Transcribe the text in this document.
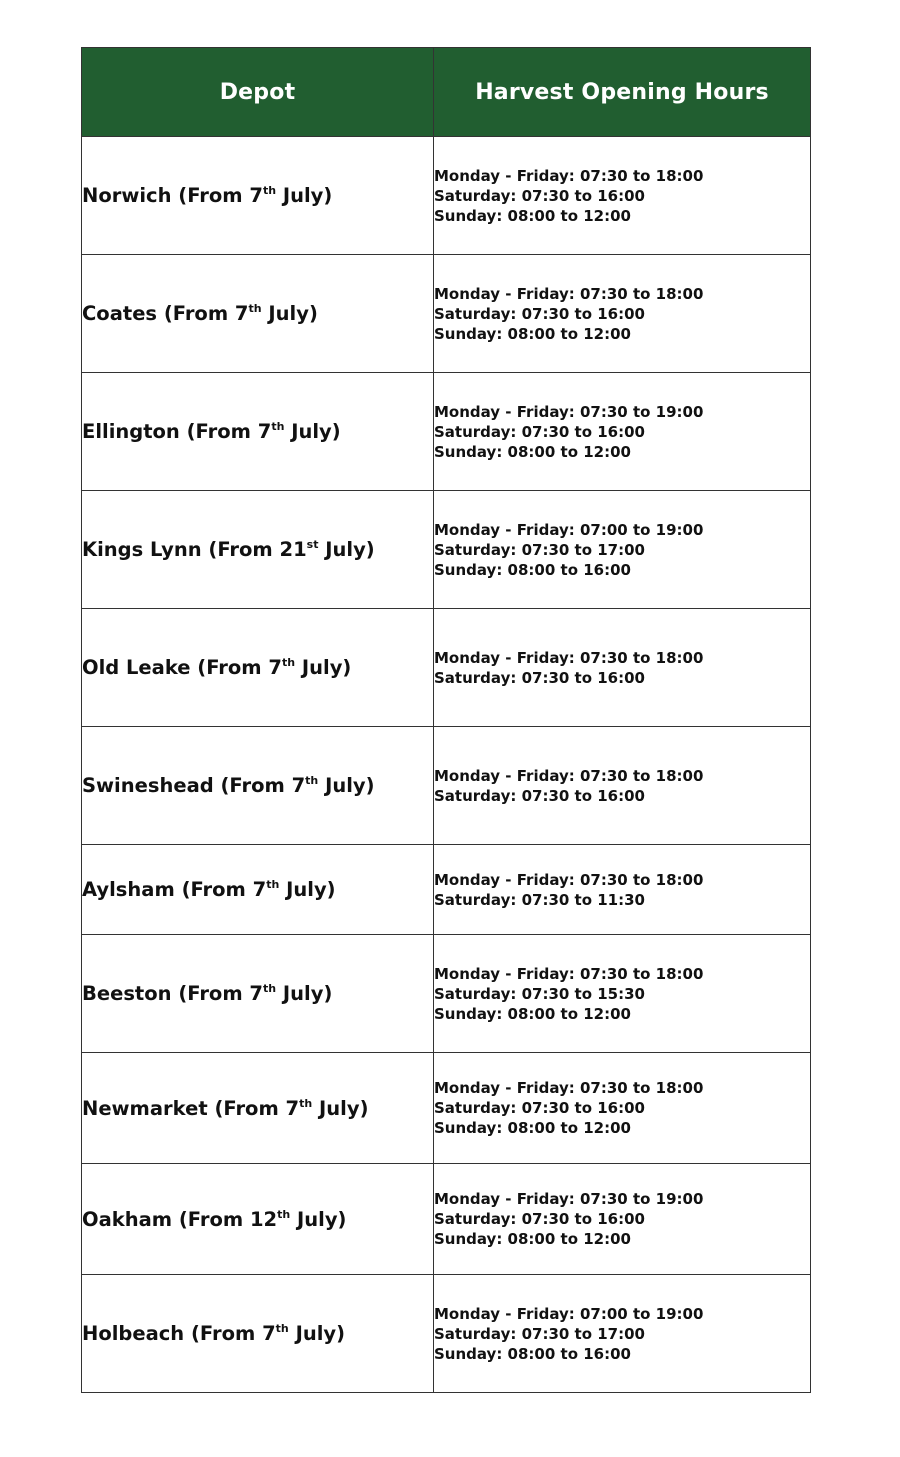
Depot	Harvest Opening Hours
Norwich (From 7th July)	Monday - Friday: 07:30 to 18:00
Saturday: 07:30 to 16:00
Sunday: 08:00 to 12:00

Coates (From 7th July)	Monday - Friday: 07:30 to 18:00
Saturday: 07:30 to 16:00
Sunday: 08:00 to 12:00

Ellington (From 7th July)	Monday - Friday: 07:30 to 19:00
Saturday: 07:30 to 16:00
Sunday: 08:00 to 12:00

Kings Lynn (From 21st July)	Monday - Friday: 07:00 to 19:00
Saturday: 07:30 to 17:00
Sunday: 08:00 to 16:00

Old Leake (From 7th July)	Monday - Friday: 07:30 to 18:00
Saturday: 07:30 to 16:00

Swineshead (From 7th July)	Monday - Friday: 07:30 to 18:00
Saturday: 07:30 to 16:00

Aylsham (From 7th July)	Monday - Friday: 07:30 to 18:00
Saturday: 07:30 to 11:30

Beeston (From 7th July)	Monday - Friday: 07:30 to 18:00
Saturday: 07:30 to 15:30
Sunday: 08:00 to 12:00

Newmarket (From 7th July)	Monday - Friday: 07:30 to 18:00
Saturday: 07:30 to 16:00
Sunday: 08:00 to 12:00

Oakham (From 12th July)	Monday - Friday: 07:30 to 19:00
Saturday: 07:30 to 16:00
Sunday: 08:00 to 12:00

Holbeach (From 7th July)	Monday - Friday: 07:00 to 19:00
Saturday: 07:30 to 17:00
Sunday: 08:00 to 16:00
